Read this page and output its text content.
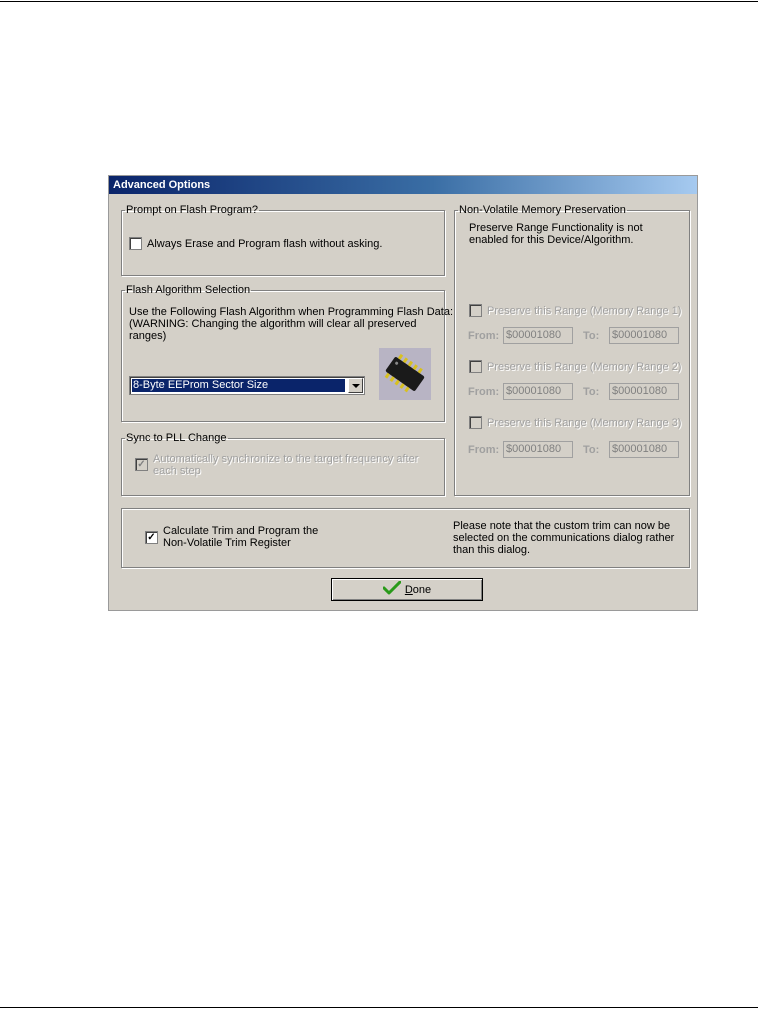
Advanced Options
Prompt on Flash Program?
Always Erase and Program flash without asking.
Flash Algorithm Selection
Use the Following Flash Algorithm when Programming Flash Data:
(WARNING: Changing the algorithm will clear all preserved
ranges)
8-Byte EEProm Sector Size
Sync to PLL Change
✓ Automatically synchronize to the target frequency after
each step
Non-Volatile Memory Preservation
Preserve Range Functionality is not
enabled for this Device/Algorithm.
Preserve this Range (Memory Range 1)
From: $00001080	To: $00001080
Preserve this Range (Memory Range 2)
From: $00001080	To: $00001080
Preserve this Range (Memory Range 3)
From: $00001080	To: $00001080
✓
Calculate Trim and Program the
Non-Volatile Trim Register
Please note that the custom trim can now be
selected on the communications dialog rather
than this dialog.
Done
